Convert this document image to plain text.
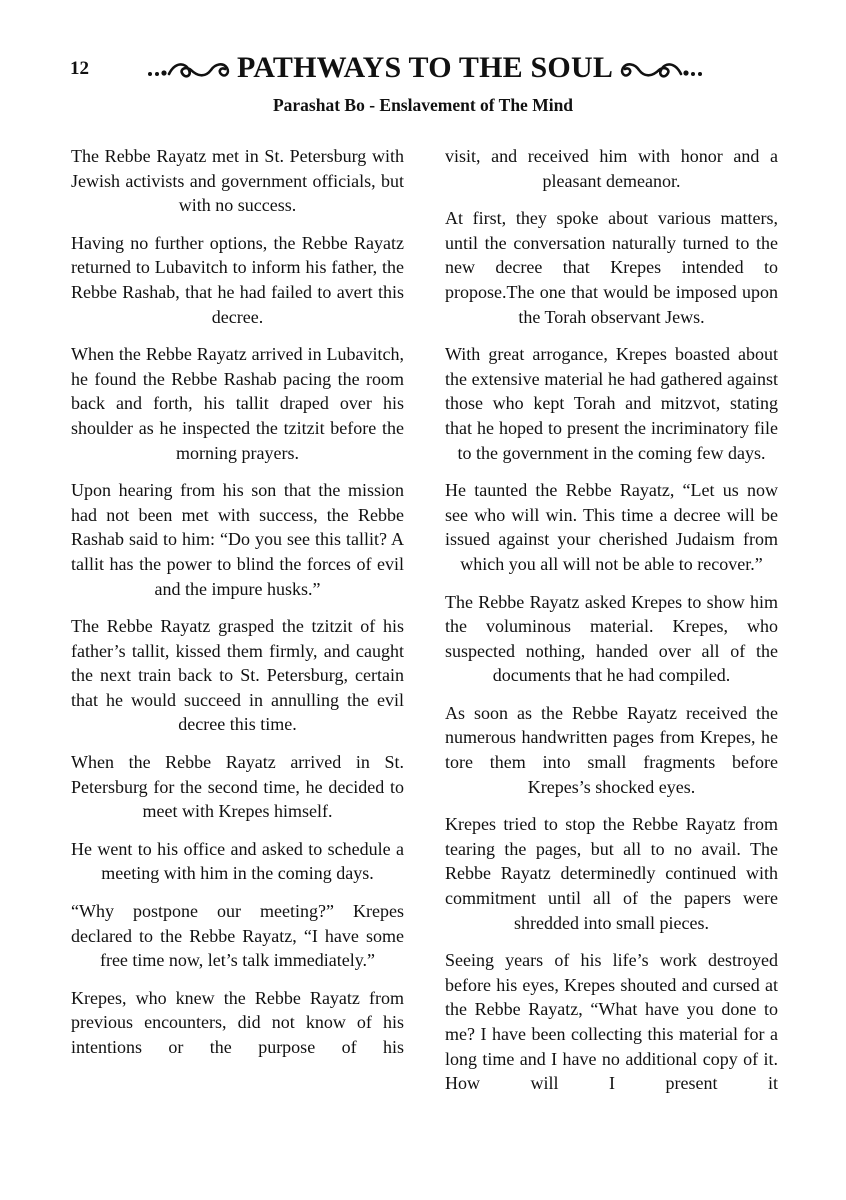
12	PATHWAYS TO THE SOUL
Parashat Bo - Enslavement of The Mind

The Rebbe Rayatz met in St. Petersburg with Jewish activists and government officials, but with no success.

Having no further options, the Rebbe Rayatz returned to Lubavitch to inform his father, the Rebbe Rashab, that he had failed to avert this decree.

When the Rebbe Rayatz arrived in Lubavitch, he found the Rebbe Rashab pacing the room back and forth, his tallit draped over his shoulder as he inspected the tzitzit before the morning prayers.

Upon hearing from his son that the mission had not been met with success, the Rebbe Rashab said to him: “Do you see this tallit? A tallit has the power to blind the forces of evil and the impure husks.”

The Rebbe Rayatz grasped the tzitzit of his father’s tallit, kissed them firmly, and caught the next train back to St. Petersburg, certain that he would succeed in annulling the evil decree this time.

When the Rebbe Rayatz arrived in St. Petersburg for the second time, he decided to meet with Krepes himself.

He went to his office and asked to schedule a meeting with him in the coming days.

“Why postpone our meeting?” Krepes declared to the Rebbe Rayatz, “I have some free time now, let’s talk immediately.”

Krepes, who knew the Rebbe Rayatz from previous encounters, did not know of his intentions or the purpose of his

visit, and received him with honor and a pleasant demeanor.

At first, they spoke about various matters, until the conversation naturally turned to the new decree that Krepes intended to propose.The one that would be imposed upon the Torah observant Jews.

With great arrogance, Krepes boasted about the extensive material he had gathered against those who kept Torah and mitzvot, stating that he hoped to present the incriminatory file to the government in the coming few days.

He taunted the Rebbe Rayatz, “Let us now see who will win. This time a decree will be issued against your cherished Judaism from which you all will not be able to recover.”

The Rebbe Rayatz asked Krepes to show him the voluminous material. Krepes, who suspected nothing, handed over all of the documents that he had compiled.

As soon as the Rebbe Rayatz received the numerous handwritten pages from Krepes, he tore them into small fragments before Krepes’s shocked eyes.

Krepes tried to stop the Rebbe Rayatz from tearing the pages, but all to no avail. The Rebbe Rayatz determinedly continued with commitment until all of the papers were shredded into small pieces.

Seeing years of his life’s work destroyed before his eyes, Krepes shouted and cursed at the Rebbe Rayatz, “What have you done to me? I have been collecting this material for a long time and I have no additional copy of it. How will I present it
